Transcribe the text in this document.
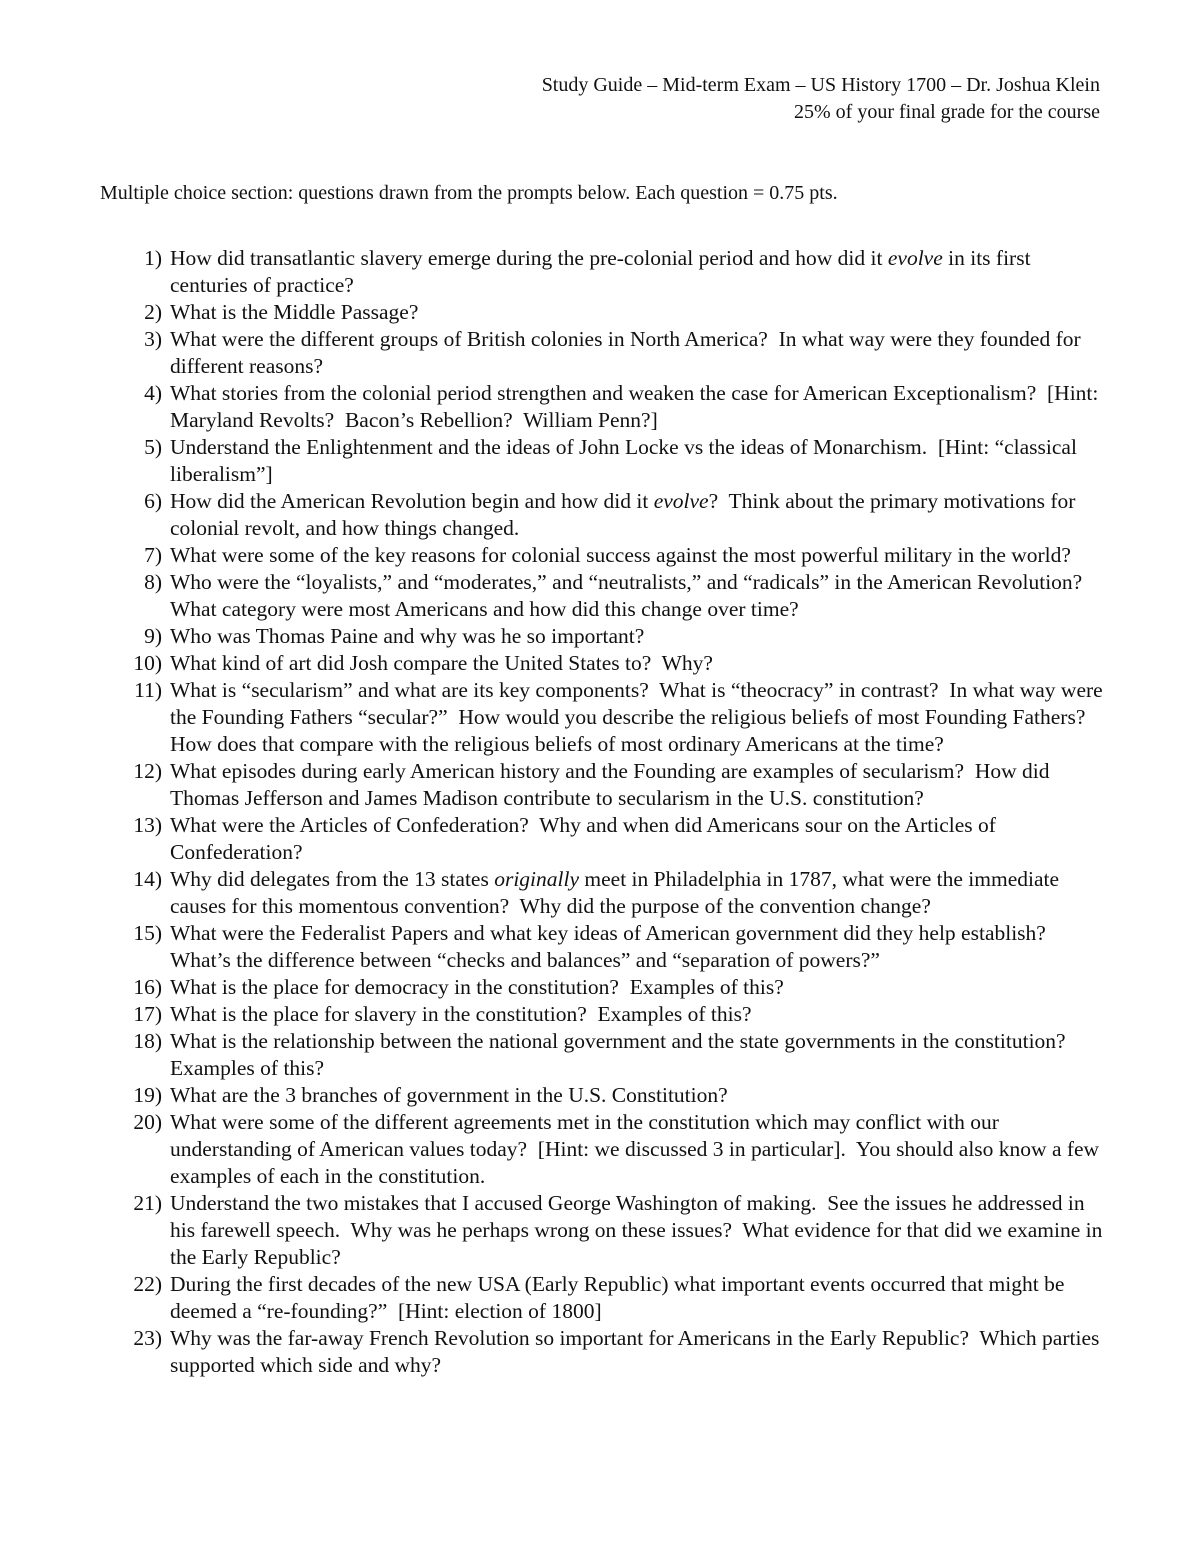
Study Guide – Mid-term Exam – US History 1700 – Dr. Joshua Klein
25% of your final grade for the course
Multiple choice section: questions drawn from the prompts below. Each question = 0.75 pts.
1) How did transatlantic slavery emerge during the pre-colonial period and how did it evolve in its first centuries of practice?
2) What is the Middle Passage?
3) What were the different groups of British colonies in North America?  In what way were they founded for different reasons?
4) What stories from the colonial period strengthen and weaken the case for American Exceptionalism?  [Hint: Maryland Revolts?  Bacon’s Rebellion?  William Penn?]
5) Understand the Enlightenment and the ideas of John Locke vs the ideas of Monarchism.  [Hint: “classical liberalism”]
6) How did the American Revolution begin and how did it evolve?  Think about the primary motivations for colonial revolt, and how things changed.
7) What were some of the key reasons for colonial success against the most powerful military in the world?
8) Who were the “loyalists,” and “moderates,” and “neutralists,” and “radicals” in the American Revolution?  What category were most Americans and how did this change over time?
9) Who was Thomas Paine and why was he so important?
10) What kind of art did Josh compare the United States to?  Why?
11) What is “secularism” and what are its key components?  What is “theocracy” in contrast?  In what way were the Founding Fathers “secular?”  How would you describe the religious beliefs of most Founding Fathers?  How does that compare with the religious beliefs of most ordinary Americans at the time?
12) What episodes during early American history and the Founding are examples of secularism?  How did Thomas Jefferson and James Madison contribute to secularism in the U.S. constitution?
13) What were the Articles of Confederation?  Why and when did Americans sour on the Articles of Confederation?
14) Why did delegates from the 13 states originally meet in Philadelphia in 1787, what were the immediate causes for this momentous convention?  Why did the purpose of the convention change?
15) What were the Federalist Papers and what key ideas of American government did they help establish?  What’s the difference between “checks and balances” and “separation of powers?”
16) What is the place for democracy in the constitution?  Examples of this?
17) What is the place for slavery in the constitution?  Examples of this?
18) What is the relationship between the national government and the state governments in the constitution? Examples of this?
19) What are the 3 branches of government in the U.S. Constitution?
20) What were some of the different agreements met in the constitution which may conflict with our understanding of American values today?  [Hint: we discussed 3 in particular].  You should also know a few examples of each in the constitution.
21) Understand the two mistakes that I accused George Washington of making.  See the issues he addressed in his farewell speech.  Why was he perhaps wrong on these issues?  What evidence for that did we examine in the Early Republic?
22) During the first decades of the new USA (Early Republic) what important events occurred that might be deemed a “re-founding?”  [Hint: election of 1800]
23) Why was the far-away French Revolution so important for Americans in the Early Republic?  Which parties supported which side and why?
